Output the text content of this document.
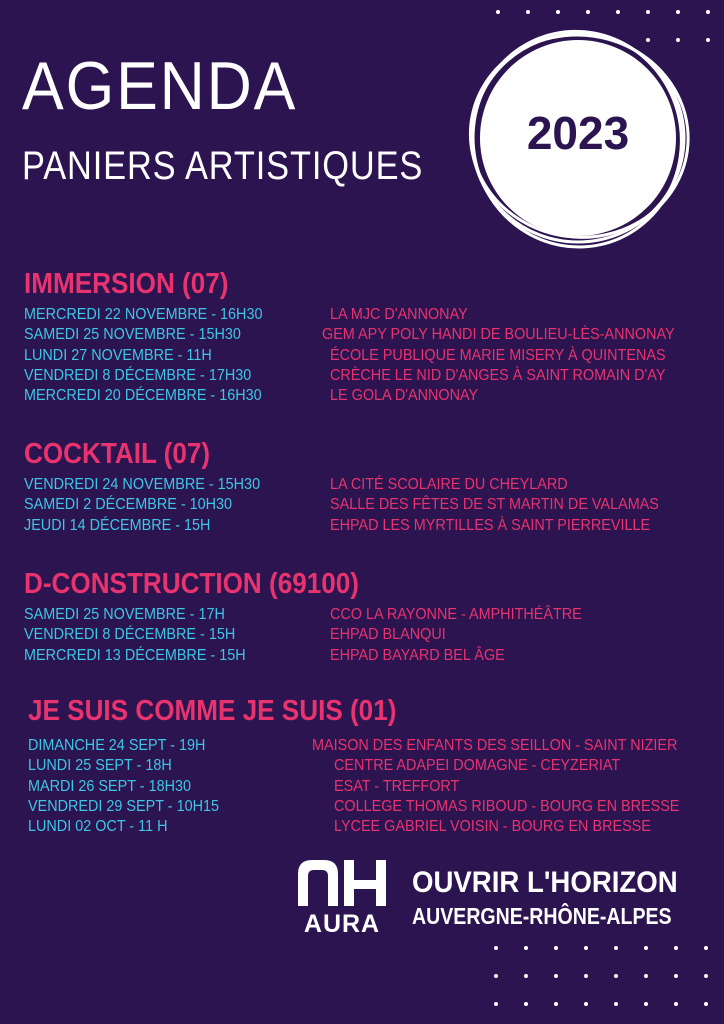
AGENDA
PANIERS ARTISTIQUES
2023
IMMERSION (07)
MERCREDI 22 NOVEMBRE - 16H30	LA MJC D'ANNONAY
SAMEDI 25 NOVEMBRE - 15H30	GEM APY POLY HANDI DE BOULIEU-LÈS-ANNONAY
LUNDI 27 NOVEMBRE - 11H	ÉCOLE PUBLIQUE MARIE MISERY À QUINTENAS
VENDREDI 8 DÉCEMBRE - 17H30	CRÈCHE LE NID D'ANGES À SAINT ROMAIN D'AY
MERCREDI 20 DÉCEMBRE - 16H30	LE GOLA D'ANNONAY
COCKTAIL (07)
VENDREDI 24 NOVEMBRE - 15H30	LA CITÉ SCOLAIRE DU CHEYLARD
SAMEDI 2 DÉCEMBRE - 10H30	SALLE DES FÊTES DE ST MARTIN DE VALAMAS
JEUDI 14 DÉCEMBRE - 15H	EHPAD LES MYRTILLES À SAINT PIERREVILLE
D-CONSTRUCTION (69100)
SAMEDI 25 NOVEMBRE - 17H	CCO LA RAYONNE - AMPHITHÉÂTRE
VENDREDI 8 DÉCEMBRE - 15H	EHPAD BLANQUI
MERCREDI 13 DÉCEMBRE - 15H	EHPAD BAYARD BEL ÂGE
JE SUIS COMME JE SUIS (01)
DIMANCHE 24 SEPT - 19H	MAISON DES ENFANTS DES SEILLON - SAINT NIZIER
LUNDI 25 SEPT - 18H	CENTRE ADAPEI DOMAGNE - CEYZERIAT
MARDI 26 SEPT - 18H30	ESAT - TREFFORT
VENDREDI 29 SEPT - 10H15	COLLEGE THOMAS RIBOUD - BOURG EN BRESSE
LUNDI 02 OCT - 11 H	LYCEE GABRIEL VOISIN - BOURG EN BRESSE
AURA
OUVRIR L'HORIZON
AUVERGNE-RHÔNE-ALPES
